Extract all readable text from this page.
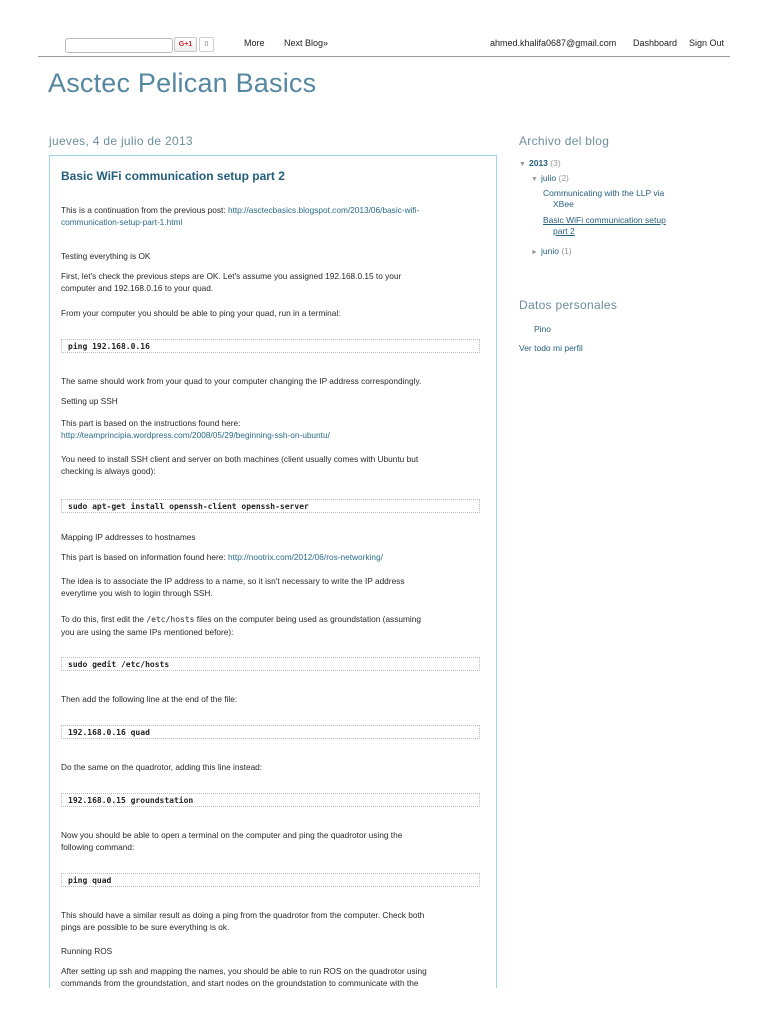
G+1	0	More Next Blog»	ahmed.khalifa0687@gmail.com Dashboard Sign Out
Asctec Pelican Basics
jueves, 4 de julio de 2013
Basic WiFi communication setup part 2

This is a continuation from the previous post: http://asctecbasics.blogspot.com/2013/06/basic-wifi-
communication-setup-part-1.html

Testing everything is OK

First, let's check the previous steps are OK. Let's assume you assigned 192.168.0.15 to your
computer and 192.168.0.16 to your quad.

From your computer you should be able to ping your quad, run in a terminal:

ping 192.168.0.16

The same should work from your quad to your computer changing the IP address correspondingly.

Setting up SSH

This part is based on the instructions found here:
http://teamprincipia.wordpress.com/2008/05/29/beginning-ssh-on-ubuntu/

You need to install SSH client and server on both machines (client usually comes with Ubuntu but
checking is always good):

sudo apt-get install openssh-client openssh-server

Mapping IP addresses to hostnames

This part is based on information found here: http://nootrix.com/2012/06/ros-networking/

The idea is to associate the IP address to a name, so it isn't necessary to write the IP address
everytime you wish to login through SSH.

To do this, first edit the /etc/hosts files on the computer being used as groundstation (assuming
you are using the same IPs mentioned before):

sudo gedit /etc/hosts

Then add the following line at the end of the file:

192.168.0.16 quad

Do the same on the quadrotor, adding this line instead:

192.168.0.15 groundstation

Now you should be able to open a terminal on the computer and ping the quadrotor using the
following command:

ping quad

This should have a similar result as doing a ping from the quadrotor from the computer. Check both
pings are possible to be sure everything is ok.

Running ROS

After setting up ssh and mapping the names, you should be able to run ROS on the quadrotor using
commands from the groundstation, and start nodes on the groundstation to communicate with the

Archivo del blog
▼ 2013 (3)
▼ julio (2)
Communicating with the LLP via
XBee
Basic WiFi communication setup
part 2
► junio (1)
Datos personales
Pino
Ver todo mi perfil
